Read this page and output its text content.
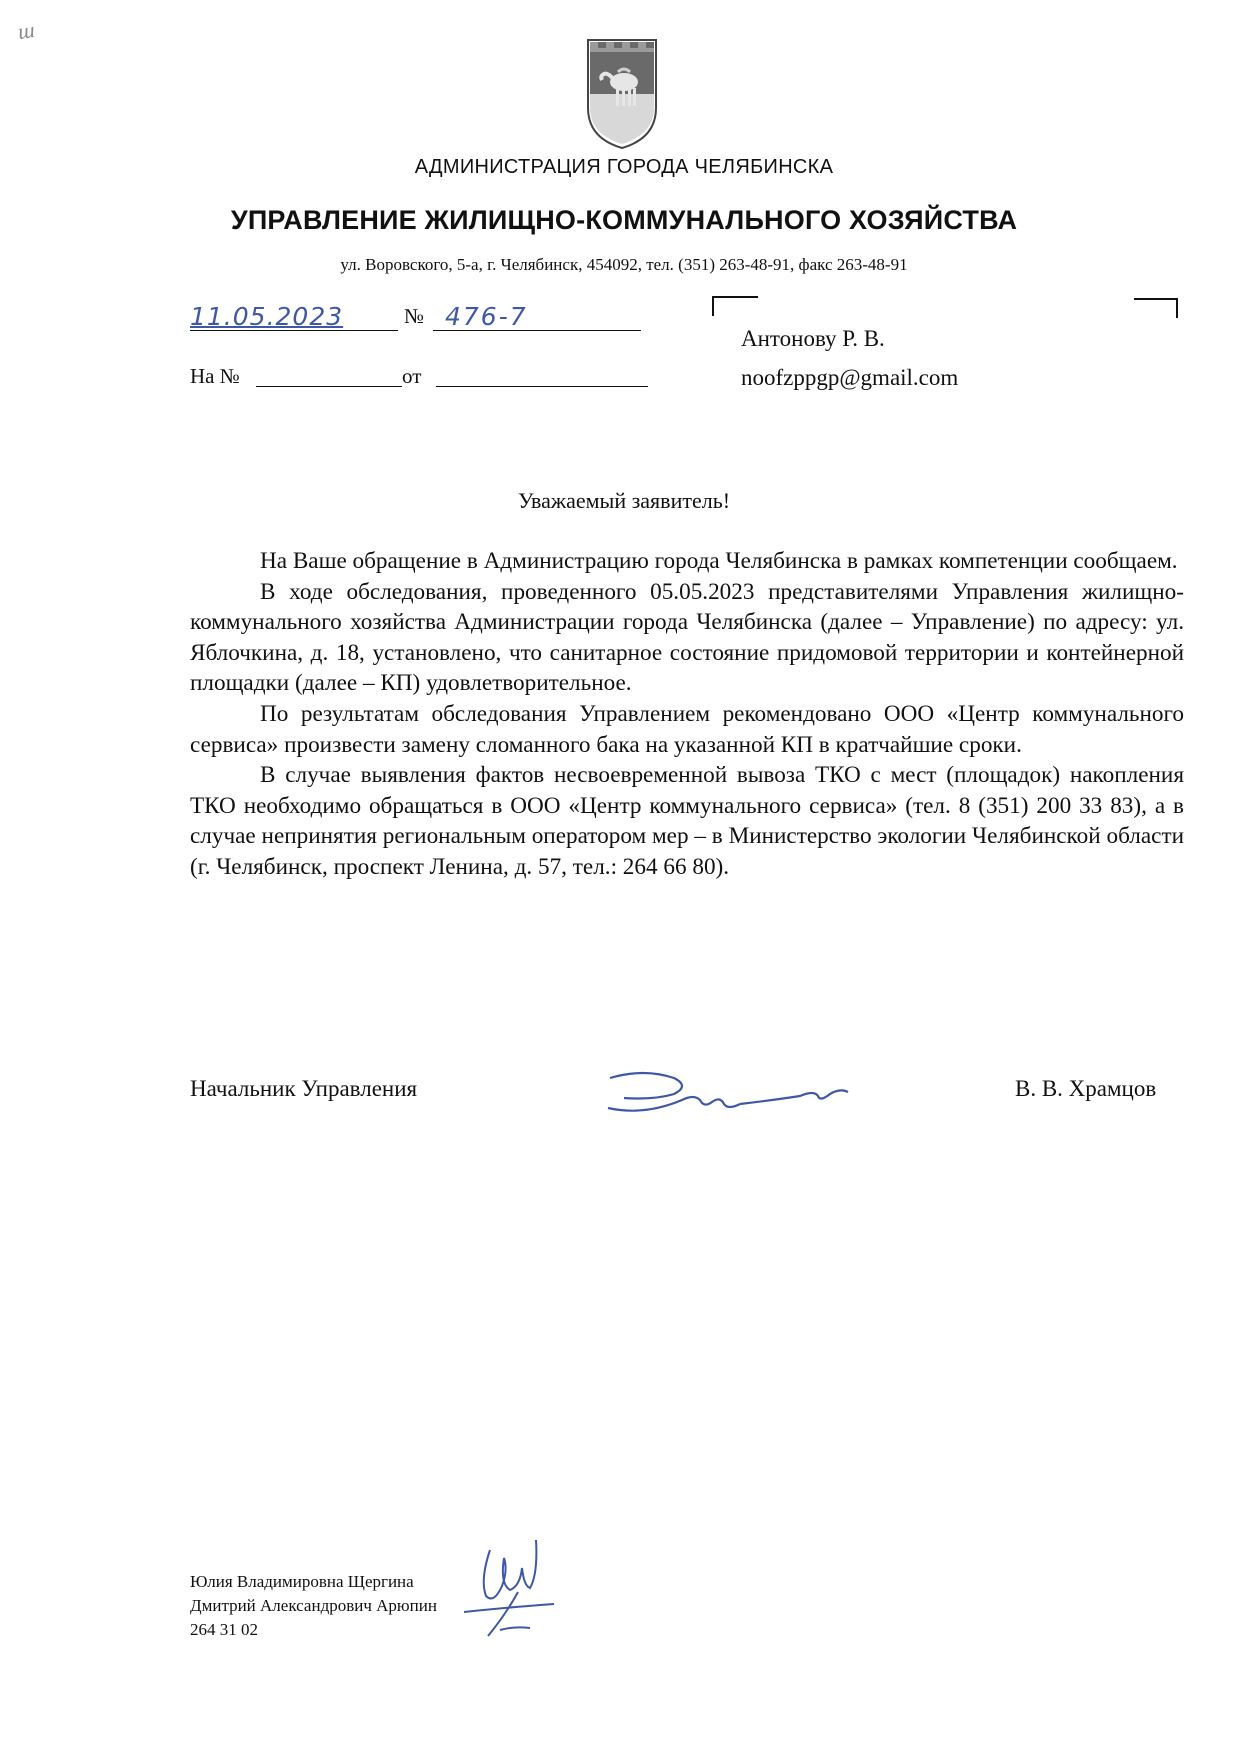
ш
АДМИНИСТРАЦИЯ ГОРОДА ЧЕЛЯБИНСКА
УПРАВЛЕНИЕ ЖИЛИЩНО-КОММУНАЛЬНОГО ХОЗЯЙСТВА
ул. Воровского, 5-а, г. Челябинск, 454092, тел. (351) 263-48-91, факс 263-48-91
11.05.2023	№ 476-7
На №	от
Антонову Р. В.
noofzppgp@gmail.com
Уважаемый заявитель!

На Ваше обращение в Администрацию города Челябинска в рамках компетенции сообщаем.

В ходе обследования, проведенного 05.05.2023 представителями Управления жилищно-коммунального хозяйства Администрации города Челябинска (далее – Управление) по адресу: ул. Яблочкина, д. 18, установлено, что санитарное состояние придомовой территории и контейнерной площадки (далее – КП) удовлетворительное.

По результатам обследования Управлением рекомендовано ООО «Центр коммунального сервиса» произвести замену сломанного бака на указанной КП в кратчайшие сроки.

В случае выявления фактов несвоевременной вывоза ТКО с мест (площадок) накопления ТКО необходимо обращаться в ООО «Центр коммунального сервиса» (тел. 8 (351) 200 33 83), а в случае непринятия региональным оператором мер – в Министерство экологии Челябинской области (г. Челябинск, проспект Ленина, д. 57, тел.: 264 66 80).

Начальник Управления	В. В. Храмцов
Юлия Владимировна Щергина
Дмитрий Александрович Арюпин
264 31 02
